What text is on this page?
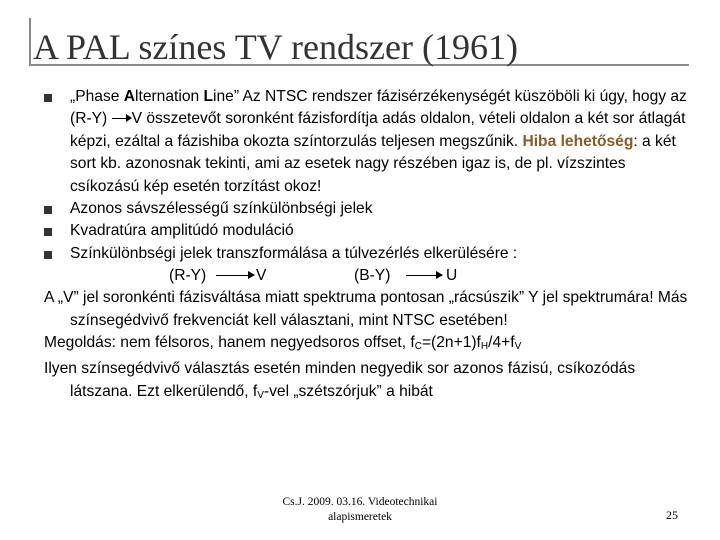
A PAL színes TV rendszer (1961)
„Phase Alternation Line” Az NTSC rendszer fázisérzékenységét küszöböli ki úgy, hogy az (R-Y)
V összetevőt soronként fázisfordítja adás oldalon, vételi oldalon a két sor átlagát képzi, ezáltal a fázishiba okozta színtorzulás teljesen megszűnik. Hiba lehetőség: a két sort kb. azonosnak tekinti, ami az esetek nagy részében igaz is, de pl. vízszintes csíkozású kép esetén torzítást okoz!
Azonos sávszélességű színkülönbségi jelek
Kvadratúra amplitúdó moduláció
Színkülönbségi jelek transzformálása a túlvezérlés elkerülésére :
(R-Y)	V	(B-Y)	U
A „V” jel soronkénti fázisváltása miatt spektruma pontosan „rácsúszik” Y jel spektrumára! Más színsegédvivő frekvenciát kell választani, mint NTSC esetében!
Megoldás: nem félsoros, hanem negyedsoros offset, $f_C=(2n+1)f_H/4+f_V$
Ilyen színsegédvivő választás esetén minden negyedik sor azonos fázisú, csíkozódás látszana. Ezt elkerülendő, $f_V$-vel „szétszórjuk” a hibát
Cs.J. 2009. 03.16. Videotechnikai
alapismeretek	25
